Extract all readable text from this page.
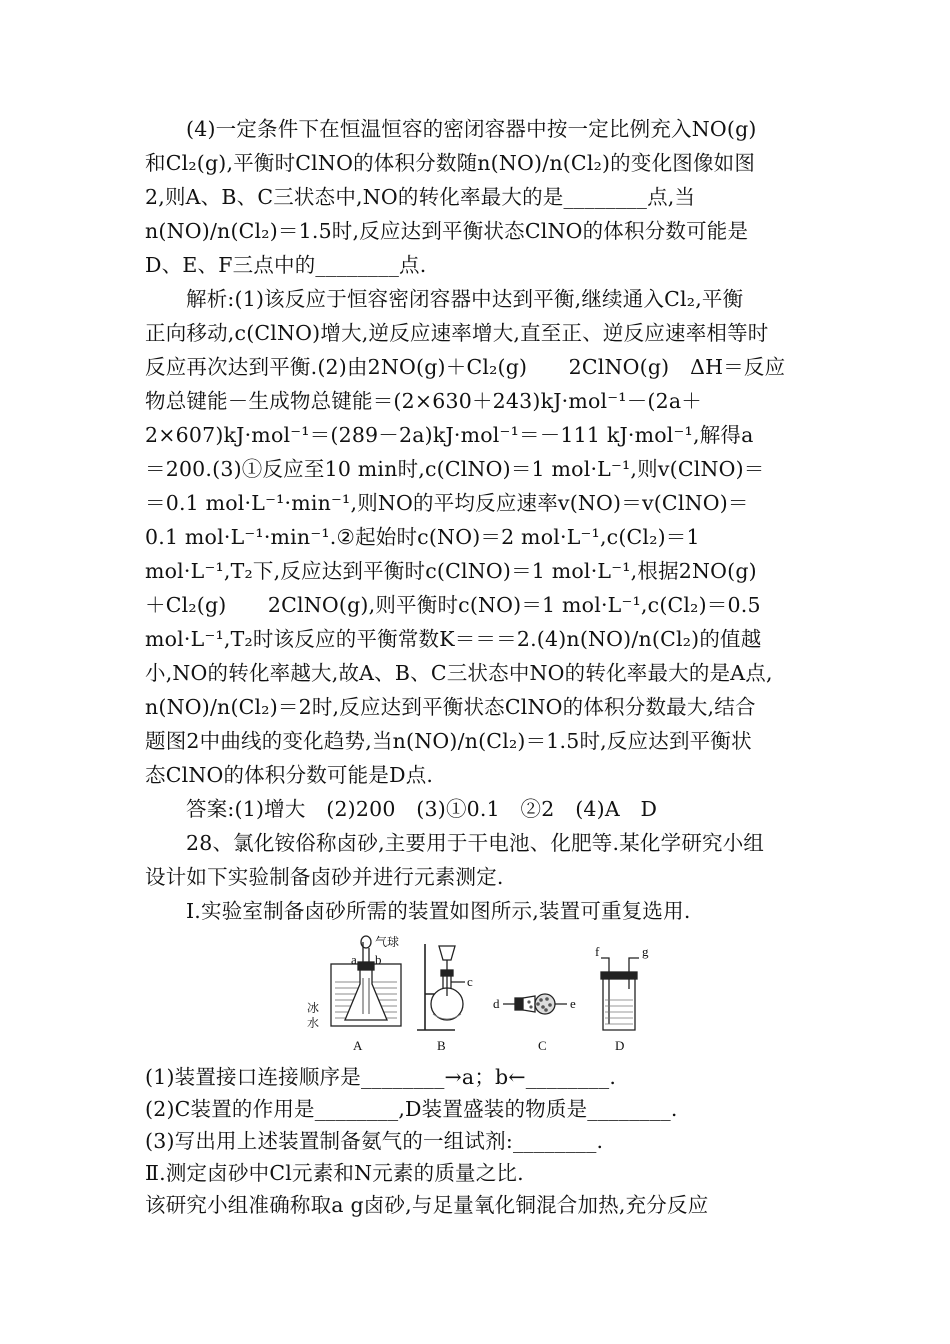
(4)一定条件下在恒温恒容的密闭容器中按一定比例充入NO(g)
和Cl₂(g),平衡时ClNO的体积分数随n(NO)/n(Cl₂)的变化图像如图
2,则A、B、C三状态中,NO的转化率最大的是________点,当
n(NO)/n(Cl₂)＝1.5时,反应达到平衡状态ClNO的体积分数可能是
D、E、F三点中的________点.
解析:(1)该反应于恒容密闭容器中达到平衡,继续通入Cl₂,平衡
正向移动,c(ClNO)增大,逆反应速率增大,直至正、逆反应速率相等时
反应再次达到平衡.(2)由2NO(g)＋Cl₂(g)　　2ClNO(g)　ΔH＝反应
物总键能－生成物总键能＝(2×630＋243)kJ·mol⁻¹－(2a＋
2×607)kJ·mol⁻¹＝(289－2a)kJ·mol⁻¹＝－111 kJ·mol⁻¹,解得a
＝200.(3)①反应至10 min时,c(ClNO)＝1 mol·L⁻¹,则v(ClNO)＝
＝0.1 mol·L⁻¹·min⁻¹,则NO的平均反应速率v(NO)＝v(ClNO)＝
0.1 mol·L⁻¹·min⁻¹.②起始时c(NO)＝2 mol·L⁻¹,c(Cl₂)＝1
mol·L⁻¹,T₂下,反应达到平衡时c(ClNO)＝1 mol·L⁻¹,根据2NO(g)
＋Cl₂(g)　　2ClNO(g),则平衡时c(NO)＝1 mol·L⁻¹,c(Cl₂)＝0.5
mol·L⁻¹,T₂时该反应的平衡常数K＝＝＝2.(4)n(NO)/n(Cl₂)的值越
小,NO的转化率越大,故A、B、C三状态中NO的转化率最大的是A点,
n(NO)/n(Cl₂)＝2时,反应达到平衡状态ClNO的体积分数最大,结合
题图2中曲线的变化趋势,当n(NO)/n(Cl₂)＝1.5时,反应达到平衡状
态ClNO的体积分数可能是D点.
答案:(1)增大　(2)200　(3)①0.1　②2　(4)A　D
28、氯化铵俗称卤砂,主要用于干电池、化肥等.某化学研究小组
设计如下实验制备卤砂并进行元素测定.
Ⅰ.实验室制备卤砂所需的装置如图所示,装置可重复选用.
A	B	C	D
a b
c
d	e
f	g
气球
冰
水
(1)装置接口连接顺序是________→a；b←________.
(2)C装置的作用是________,D装置盛装的物质是________.
(3)写出用上述装置制备氨气的一组试剂:________.
Ⅱ.测定卤砂中Cl元素和N元素的质量之比.
该研究小组准确称取a g卤砂,与足量氧化铜混合加热,充分反应
